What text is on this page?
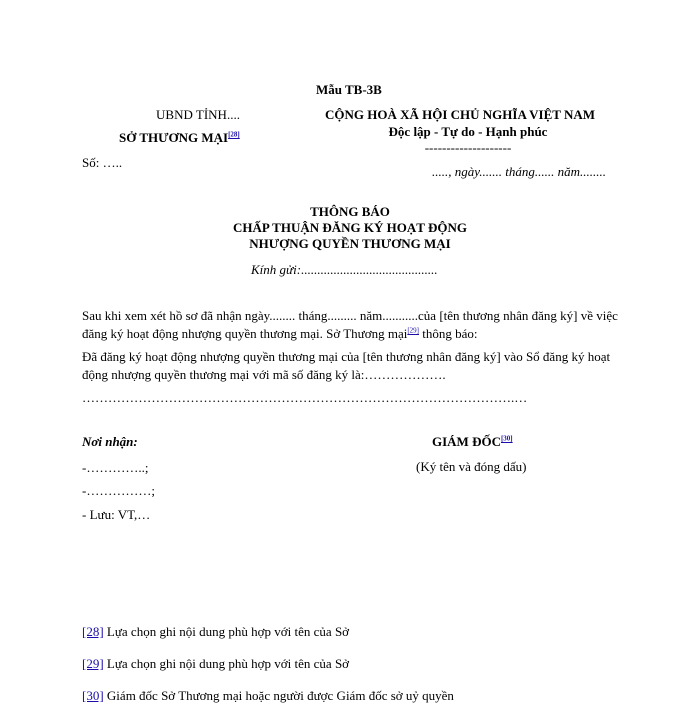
Mẫu TB-3B
UBND TỈNH....
SỞ THƯƠNG MẠI[28]
CỘNG HOÀ XÃ HỘI CHỦ NGHĨA VIỆT NAM
Độc lập - Tự do - Hạnh phúc
--------------------
Số: …..
....., ngày....... tháng...... năm........
THÔNG BÁO
CHẤP THUẬN ĐĂNG KÝ HOẠT ĐỘNG
NHƯỢNG QUYỀN THƯƠNG MẠI
Kính gửi:..........................................
Sau khi xem xét hồ sơ đã nhận ngày........ tháng......... năm...........của [tên thương nhân đăng ký] về việc đăng ký hoạt động nhượng quyền thương mại. Sở Thương mại[29] thông báo:
Đã đăng ký hoạt động nhượng quyền thương mại của [tên thương nhân đăng ký] vào Sổ đăng ký hoạt động nhượng quyền thương mại với mã số đăng ký là:……………….
……………………………………………………………………………………….…
Nơi nhận:
-…………..;
-……………;
- Lưu: VT,…
GIÁM ĐỐC[30]
(Ký tên và đóng dấu)
[28] Lựa chọn ghi nội dung phù hợp với tên của Sở
[29] Lựa chọn ghi nội dung phù hợp với tên của Sở
[30] Giám đốc Sở Thương mại hoặc người được Giám đốc sở uỷ quyền
